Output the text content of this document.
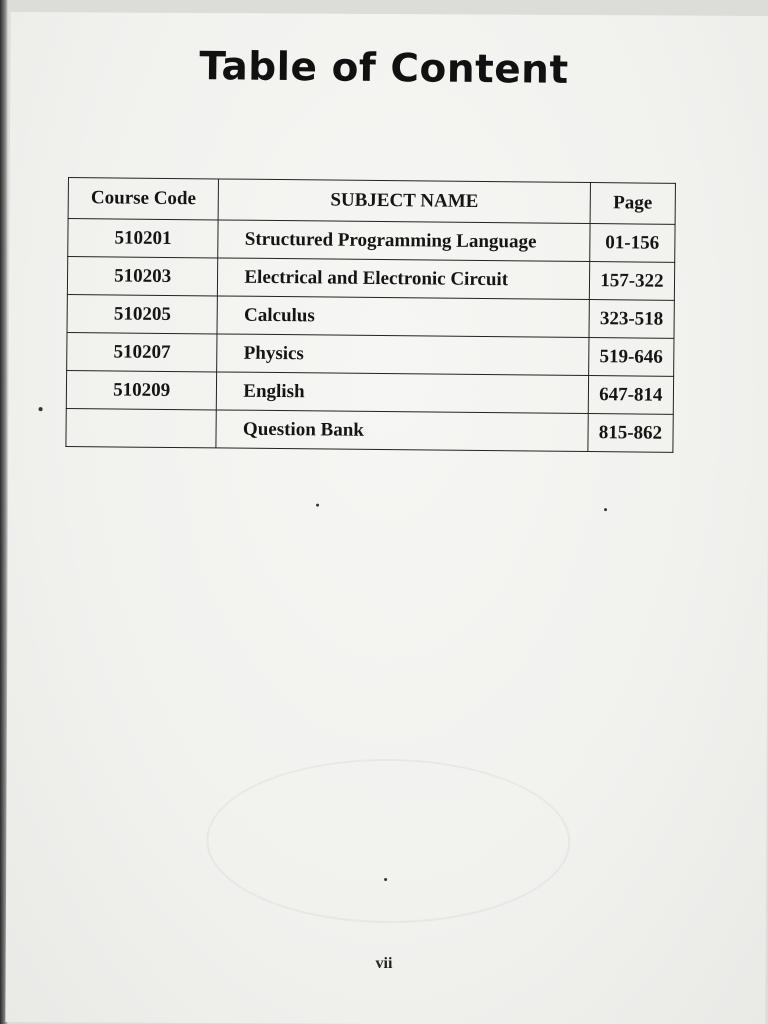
Table of Content
Course Code	SUBJECT NAME	Page
510201	Structured Programming Language	01-156
510203	Electrical and Electronic Circuit	157-322
510205	Calculus	323-518
510207	Physics	519-646
510209	English	647-814
	Question Bank	815-862
vii
